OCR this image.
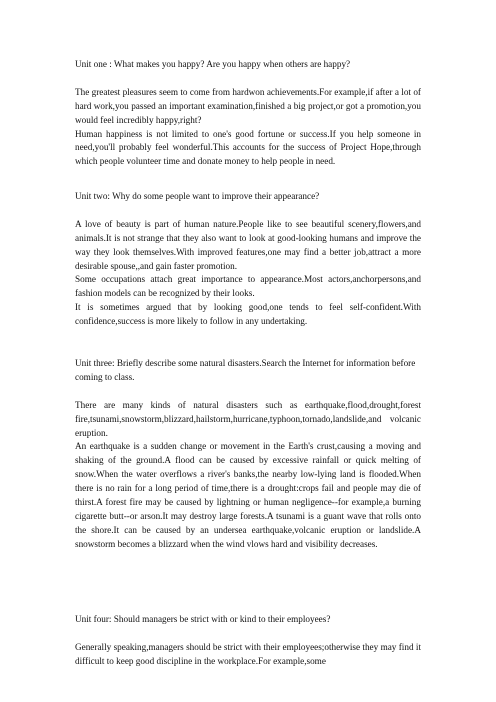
Unit one : What makes you happy? Are you happy when others are happy?

The greatest pleasures seem to come from hardwon achievements.For example,if after a lot of hard work,you passed an important examination,finished a big project,or got a promotion,you would feel incredibly happy,right?

Human happiness is not limited to one's good fortune or success.If you help someone in need,you'll probably feel wonderful.This accounts for the success of Project Hope,through which people volunteer time and donate money to help people in need.

Unit two: Why do some people want to improve their appearance?

A love of beauty is part of human nature.People like to see beautiful scenery,flowers,and animals.It is not strange that they also want to look at good-looking humans and improve the way they look themselves.With improved features,one may find a better job,attract a more desirable spouse,,and gain faster promotion.

Some occupations attach great importance to appearance.Most actors,anchorpersons,and fashion models can be recognized by their looks.

It is sometimes argued that by looking good,one tends to feel self-confident.With confidence,success is more likely to follow in any undertaking.

Unit three: Briefly describe some natural disasters.Search the Internet for information before coming to class.

There are many kinds of natural disasters such as earthquake,flood,drought,forest fire,tsunami,snowstorm,blizzard,hailstorm,hurricane,typhoon,tornado,landslide,and volcanic eruption.

An earthquake is a sudden change or movement in the Earth's crust,causing a moving and shaking of the ground.A flood can be caused by excessive rainfall or quick melting of snow.When the water overflows a river's banks,the nearby low-lying land is flooded.When there is no rain for a long period of time,there is a drought:crops fail and people may die of thirst.A forest fire may be caused by lightning or human negligence--for example,a burning cigarette butt--or arson.It may destroy large forests.A tsunami is a guant wave that rolls onto the shore.It can be caused by an undersea earthquake,volcanic eruption or landslide.A snowstorm becomes a blizzard when the wind vlows hard and visibility decreases.

Unit four: Should managers be strict with or kind to their employees?

Generally speaking,managers should be strict with their employees;otherwise they may find it difficult to keep good discipline in the workplace.For example,some
